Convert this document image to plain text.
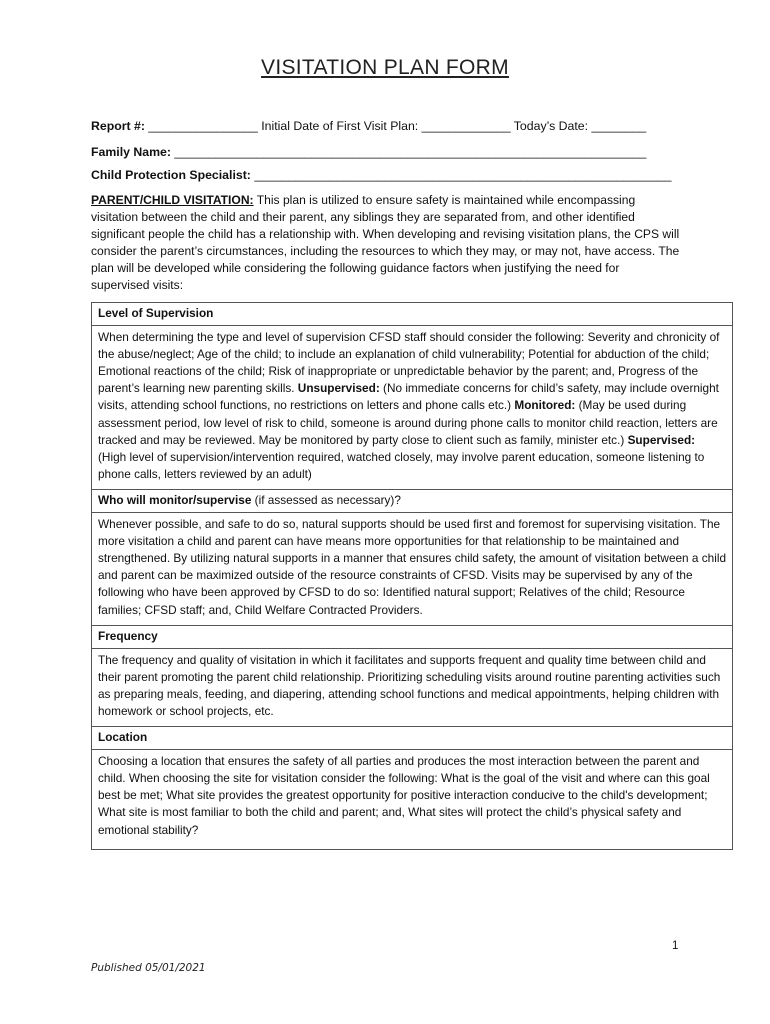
VISITATION PLAN FORM
Report #: ________________ Initial Date of First Visit Plan: _____________ Today’s Date: ________
Family Name: _____________________________________________________________________
Child Protection Specialist: _____________________________________________________________
PARENT/CHILD VISITATION: This plan is utilized to ensure safety is maintained while encompassing visitation between the child and their parent, any siblings they are separated from, and other identified significant people the child has a relationship with. When developing and revising visitation plans, the CPS will consider the parent’s circumstances, including the resources to which they may, or may not, have access. The plan will be developed while considering the following guidance factors when justifying the need for supervised visits:
Level of Supervision
When determining the type and level of supervision CFSD staff should consider the following: Severity and chronicity of the abuse/neglect; Age of the child; to include an explanation of child vulnerability; Potential for abduction of the child; Emotional reactions of the child; Risk of inappropriate or unpredictable behavior by the parent; and, Progress of the parent’s learning new parenting skills. Unsupervised: (No immediate concerns for child’s safety, may include overnight visits, attending school functions, no restrictions on letters and phone calls etc.) Monitored: (May be used during assessment period, low level of risk to child, someone is around during phone calls to monitor child reaction, letters are tracked and may be reviewed. May be monitored by party close to client such as family, minister etc.) Supervised: (High level of supervision/intervention required, watched closely, may involve parent education, someone listening to phone calls, letters reviewed by an adult)
Who will monitor/supervise (if assessed as necessary)?
Whenever possible, and safe to do so, natural supports should be used first and foremost for supervising visitation. The more visitation a child and parent can have means more opportunities for that relationship to be maintained and strengthened. By utilizing natural supports in a manner that ensures child safety, the amount of visitation between a child and parent can be maximized outside of the resource constraints of CFSD. Visits may be supervised by any of the following who have been approved by CFSD to do so: Identified natural support; Relatives of the child; Resource families; CFSD staff; and, Child Welfare Contracted Providers.
Frequency
The frequency and quality of visitation in which it facilitates and supports frequent and quality time between child and their parent promoting the parent child relationship. Prioritizing scheduling visits around routine parenting activities such as preparing meals, feeding, and diapering, attending school functions and medical appointments, helping children with homework or school projects, etc.
Location
Choosing a location that ensures the safety of all parties and produces the most interaction between the parent and child. When choosing the site for visitation consider the following: What is the goal of the visit and where can this goal best be met; What site provides the greatest opportunity for positive interaction conducive to the child's development; What site is most familiar to both the child and parent; and, What sites will protect the child’s physical safety and emotional stability?
1
Published 05/01/2021
